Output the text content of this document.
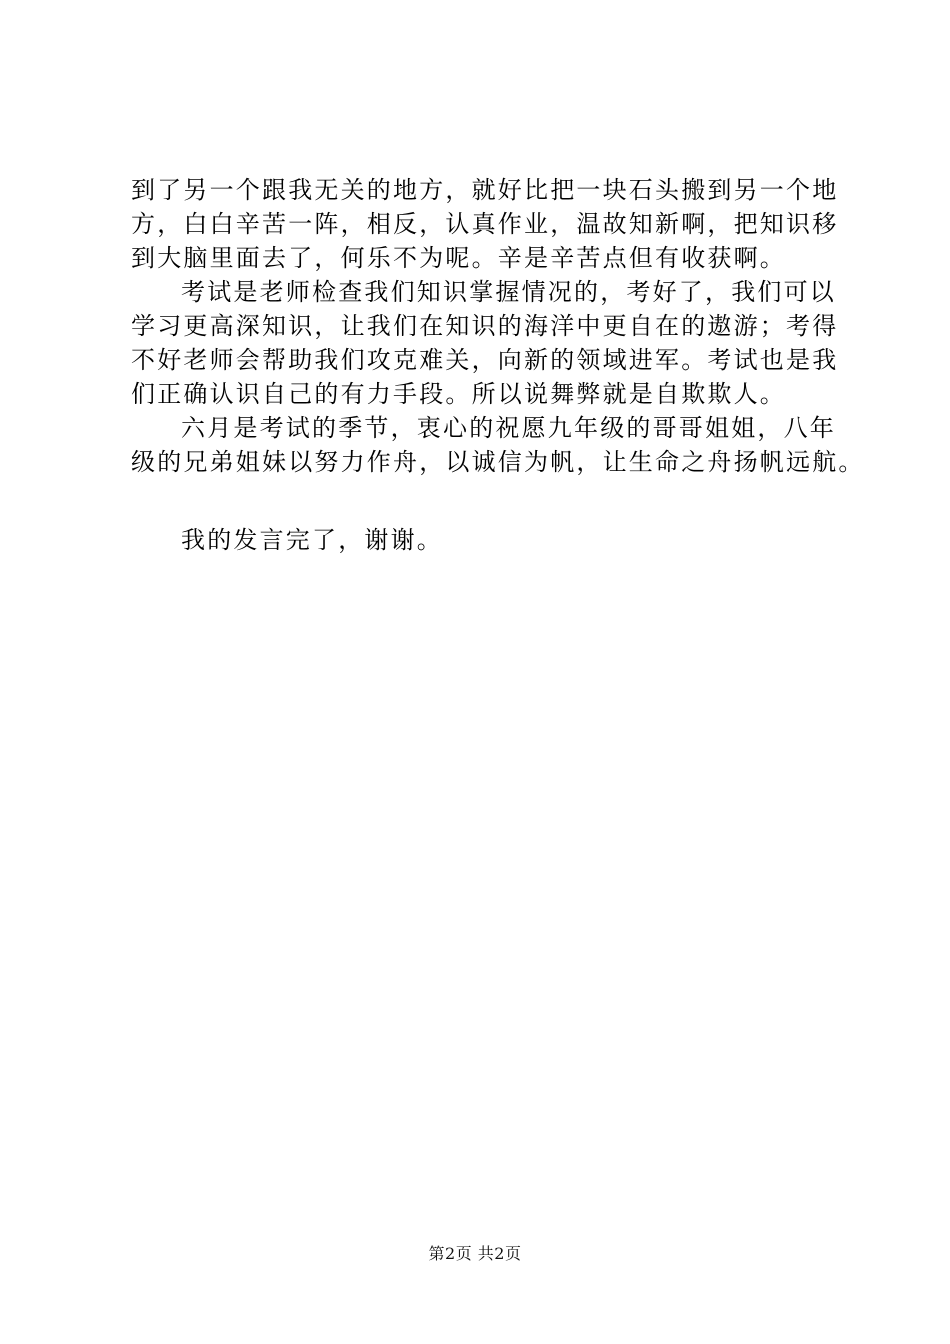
到了另一个跟我无关的地方，就好比把一块石头搬到另一个地
方，白白辛苦一阵，相反，认真作业，温故知新啊，把知识移
到大脑里面去了，何乐不为呢。辛是辛苦点但有收获啊。
考试是老师检查我们知识掌握情况的，考好了，我们可以
学习更高深知识，让我们在知识的海洋中更自在的遨游；考得
不好老师会帮助我们攻克难关，向新的领域进军。考试也是我
们正确认识自己的有力手段。所以说舞弊就是自欺欺人。
六月是考试的季节，衷心的祝愿九年级的哥哥姐姐，八年
级的兄弟姐妹以努力作舟，以诚信为帆，让生命之舟扬帆远航。
我的发言完了，谢谢。
第2页 共2页
